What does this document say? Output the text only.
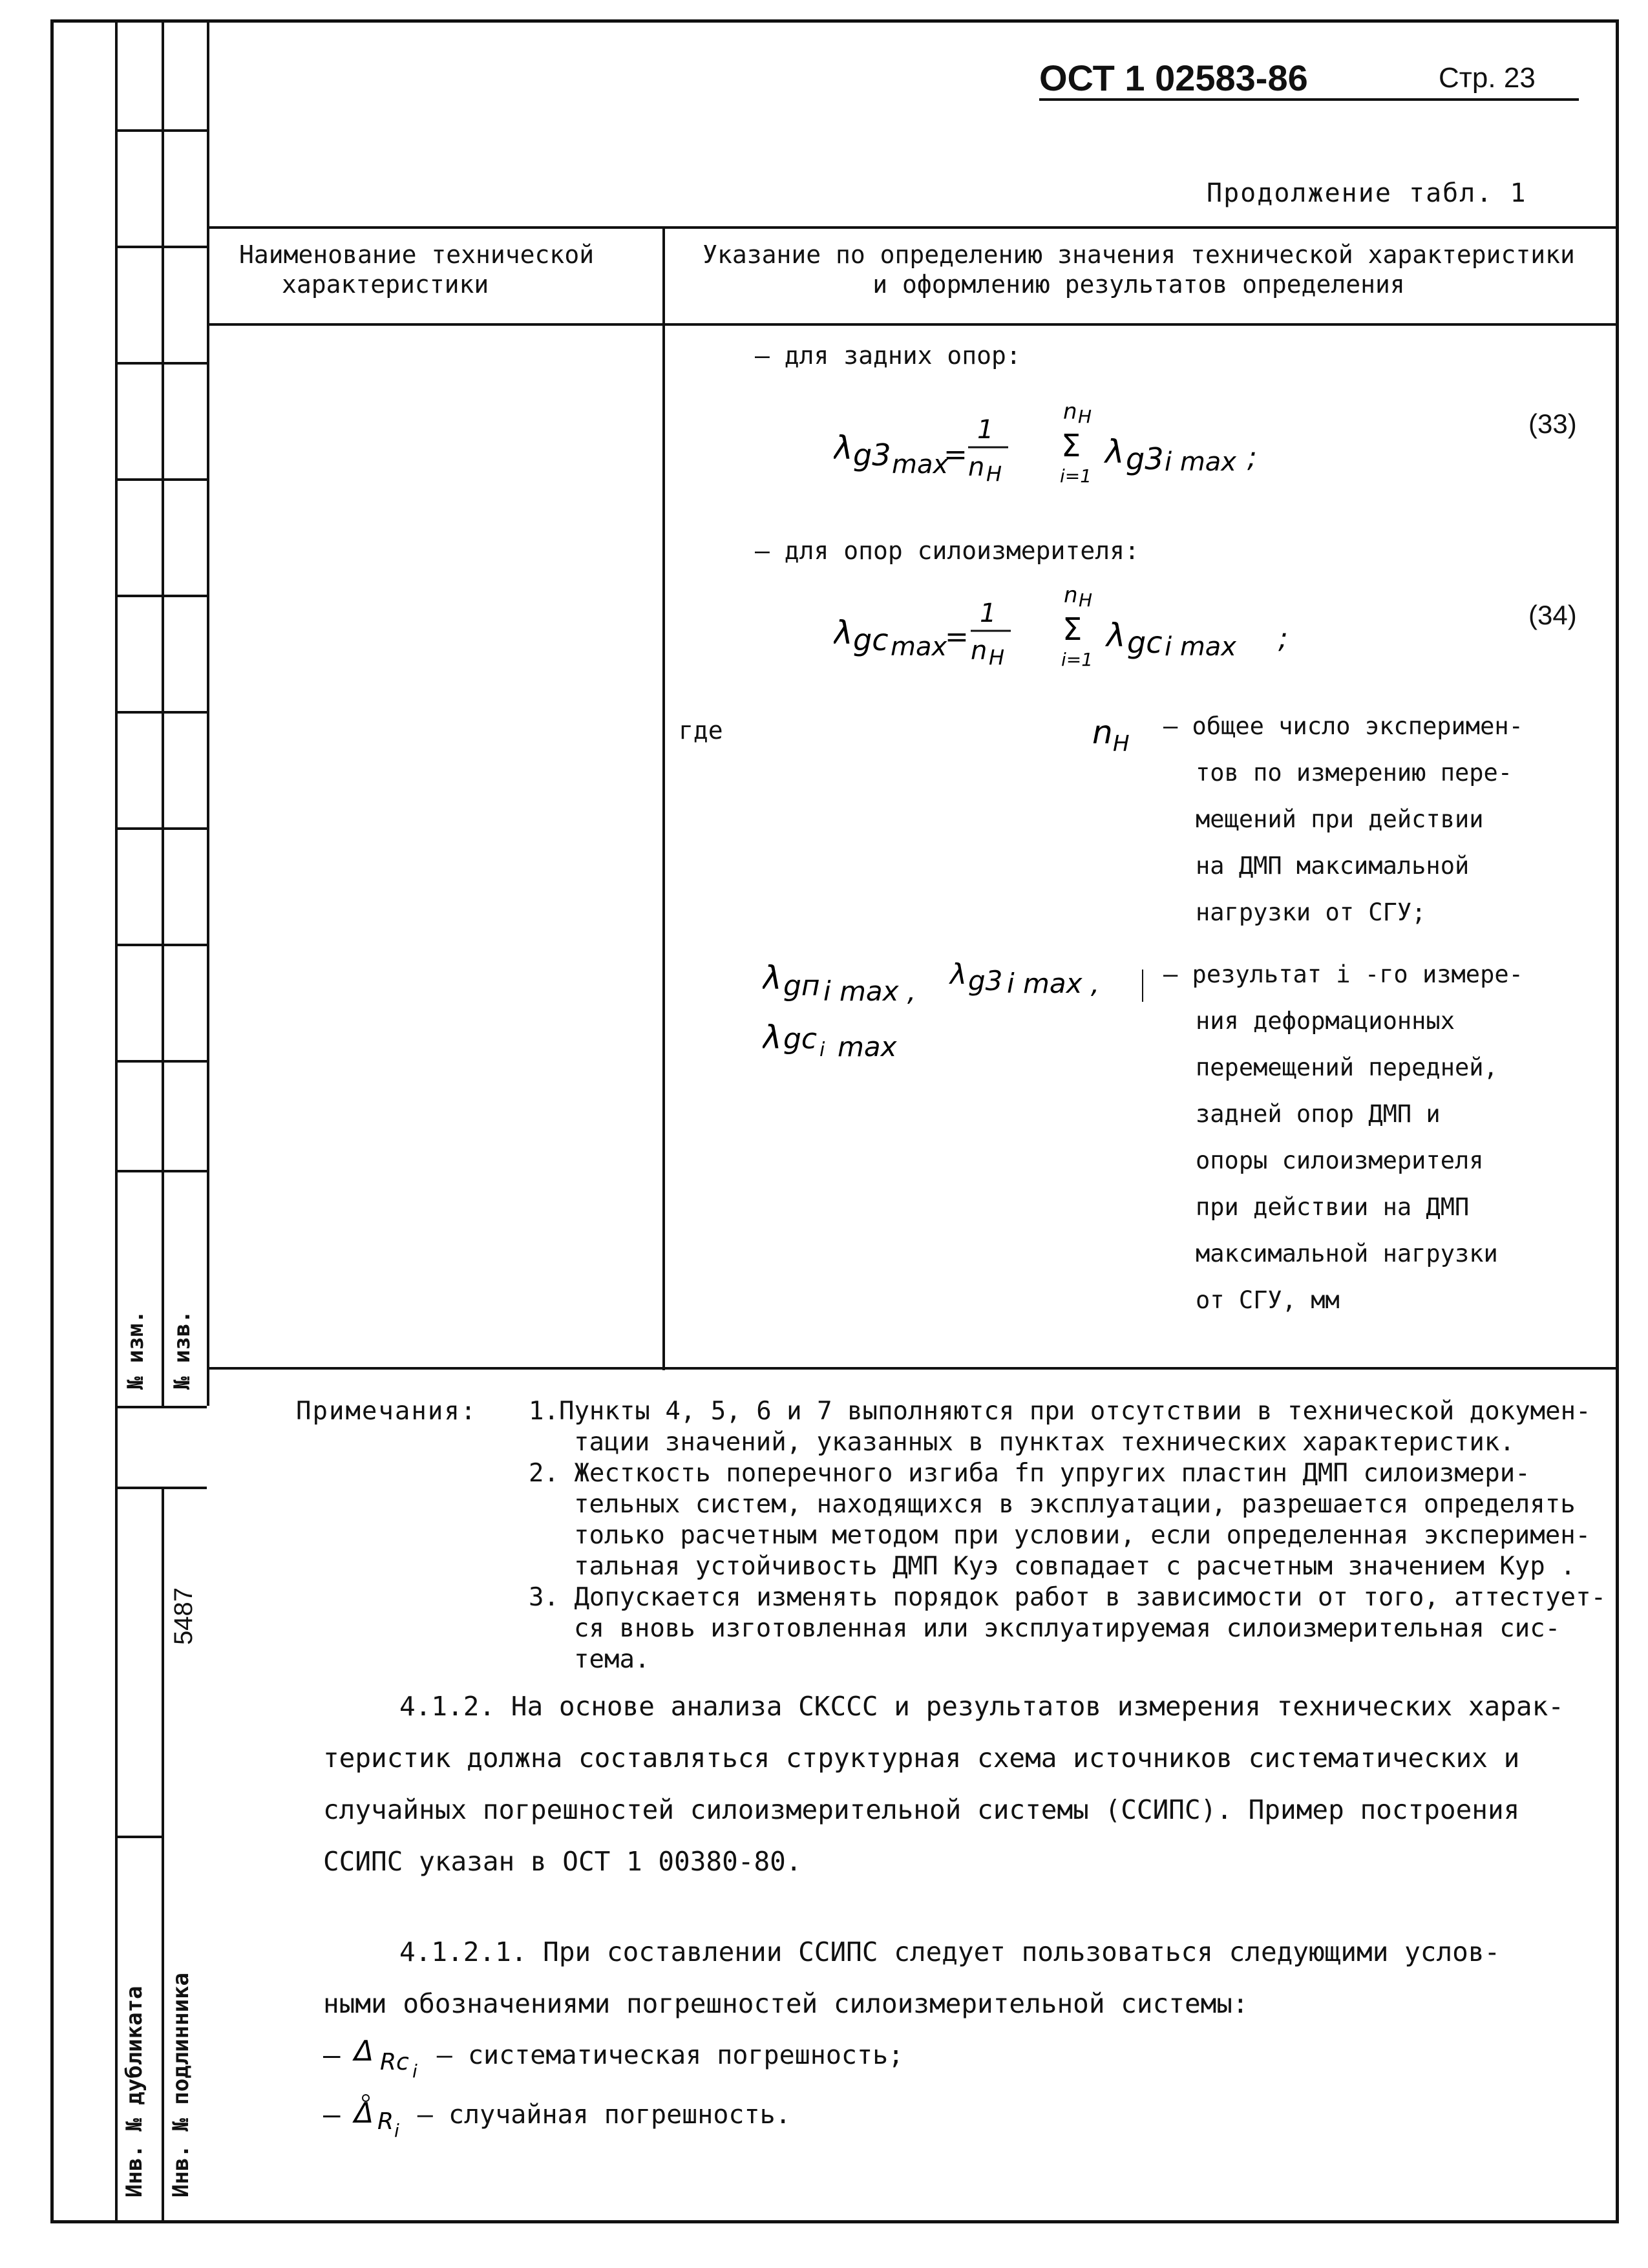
№ изм. № изв.
5487
Инв. № дубликата Инв. № подлинника
ОСТ 1 02583-86	Стр. 23
Продолжение табл. 1
Наименование технической
характеристики
Указание по определению значения технической характеристики
и оформлению результатов определения
– для задних опор:
λ g3 max
=
1
n H
n H
Σ
i=1
λ g3 i max ;
(33)
– для опор силоизмерителя:
λ gc max
=
1
n H
n H
Σ
i=1
λ gc i max ;
(34)
где	n H
– общее число эксперимен-
тов по измерению пере-
мещений при действии
на ДМП максимальной
нагрузки от СГУ;
λ gп i max ,
λ g3 i max ,
λ gc i max
– результат i -го измере-
ния деформационных
перемещений передней,
задней опор ДМП и
опоры силоизмерителя
при действии на ДМП
максимальной нагрузки
от СГУ, мм
Примечания: 1.Пункты 4, 5, 6 и 7 выполняются при отсутствии в технической докумен-
тации значений, указанных в пунктах технических характеристик.
2. Жесткость поперечного изгиба fп упругих пластин ДМП силоизмери-
тельных систем, находящихся в эксплуатации, разрешается определять
только расчетным методом при условии, если определенная эксперимен-
тальная устойчивость ДМП Куэ совпадает с расчетным значением Кур .
3. Допускается изменять порядок работ в зависимости от того, аттестует-
ся вновь изготовленная или эксплуатируемая силоизмерительная сис-
тема.
4.1.2. На основе анализа СКССС и результатов измерения технических харак-
теристик должна составляться структурная схема источников систематических и
случайных погрешностей силоизмерительной системы (ССИПС). Пример построения
ССИПС указан в ОСТ 1 00380-80.
4.1.2.1. При составлении ССИПС следует пользоваться следующими услов-
ными обозначениями погрешностей силоизмерительной системы:
– Δ Rc i
– систематическая погрешность;
– Δ R i
– случайная погрешность.
